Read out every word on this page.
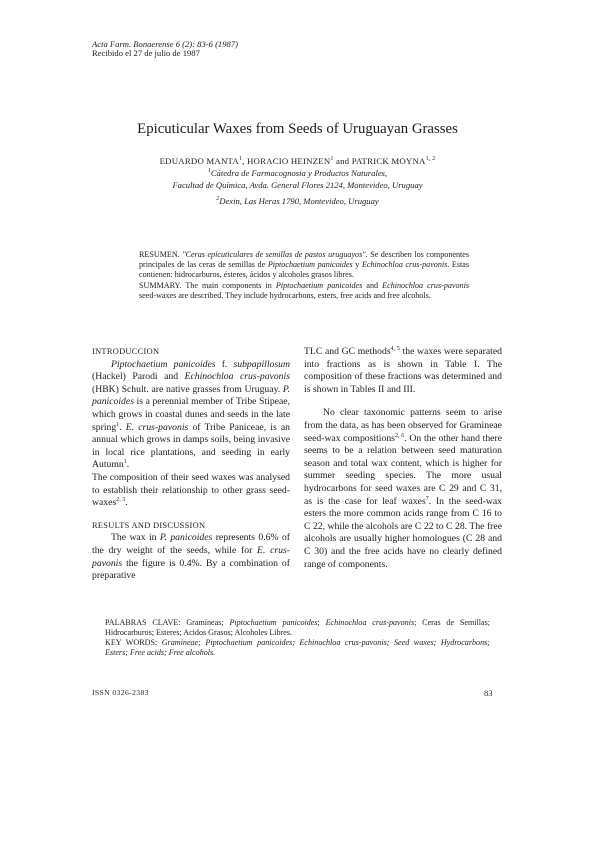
Acta Farm. Bonaerense 6 (2): 83-6 (1987)
Recibido el 27 de julio de 1987
Epicuticular Waxes from Seeds of Uruguayan Grasses
EDUARDO MANTA$^1$, HORACIO HEINZEN$^1$ and PATRICK MOYNA$^{1, 2}$
$^1$Cátedra de Farmacognosia y Productos Naturales,
Facultad de Química, Avda. General Flores 2124, Montevideo, Uruguay
$^2$Dexin, Las Heras 1790, Montevideo, Uruguay

RESUMEN. "Ceras epicuticulares de semillas de pastos uruguayos". Se describen los componentes principales de las ceras de semillas de Piptochaetium panicoides y Echinochloa crus-pavonis. Estas contienen: hidrocarburos, ésteres, ácidos y alcoholes grasos libres.

SUMMARY. The main components in Piptochaetium panicoides and Echinochloa crus-pavonis seed-waxes are described. They include hydrocarbons, esters, free acids and free alcohols.

INTRODUCCION

Piptochaetium panicoides f. subpapillosum (Hackel) Parodi and Echinochloa crus-pavonis (HBK) Schult. are native grasses from Uruguay. P. panicoides is a perennial member of Tribe Stipeae, which grows in coastal dunes and seeds in the late spring$^1$. E. crus-pavonis of Tribe Paniceae, is an annual which grows in damps soils, being invasive in local rice plantations, and seeding in early Autumn$^1$.

The composition of their seed waxes was analysed to establish their relationship to other grass seed-waxes$^{2, 3}$.

RESULTS AND DISCUSSION

The wax in P. panicoides represents 0.6% of the dry weight of the seeds, while for E. crus-pavonis the figure is 0.4%. By a combination of preparative

TLC and GC methods$^{4, 5}$ the waxes were separated into fractions as is shown in Table I. The composition of these fractions was determined and is shown in Tables II and III.

No clear taxonomic patterns seem to arise from the data, as has been observed for Gramineae seed-wax compositions$^{2, 6}$. On the other hand there seems to be a relation between seed maturation season and total wax content, which is higher for summer seeding species. The more usual hydrocarbons for seed waxes are C 29 and C 31, as is the case for leaf waxes$^7$. In the seed-wax esters the more common acids range from C 16 to C 22, while the alcohols are C 22 to C 28. The free alcohols are usually higher homologues (C 28 and C 30) and the free acids have no clearly defined range of components.

PALABRAS CLAVE: Gramíneas; Piptochaetium panicoides; Echinochloa crus-pavonis; Ceras de Semillas; Hidrocarburos; Esteres; Acidos Grasos; Alcoholes Libres.

KEY WORDS: Gramineae; Piptochaetium panicoides; Echinochloa crus-pavonis; Seed waxes; Hydrocarbons; Esters; Free acids; Free alcohols.

ISSN 0326-2383	83
